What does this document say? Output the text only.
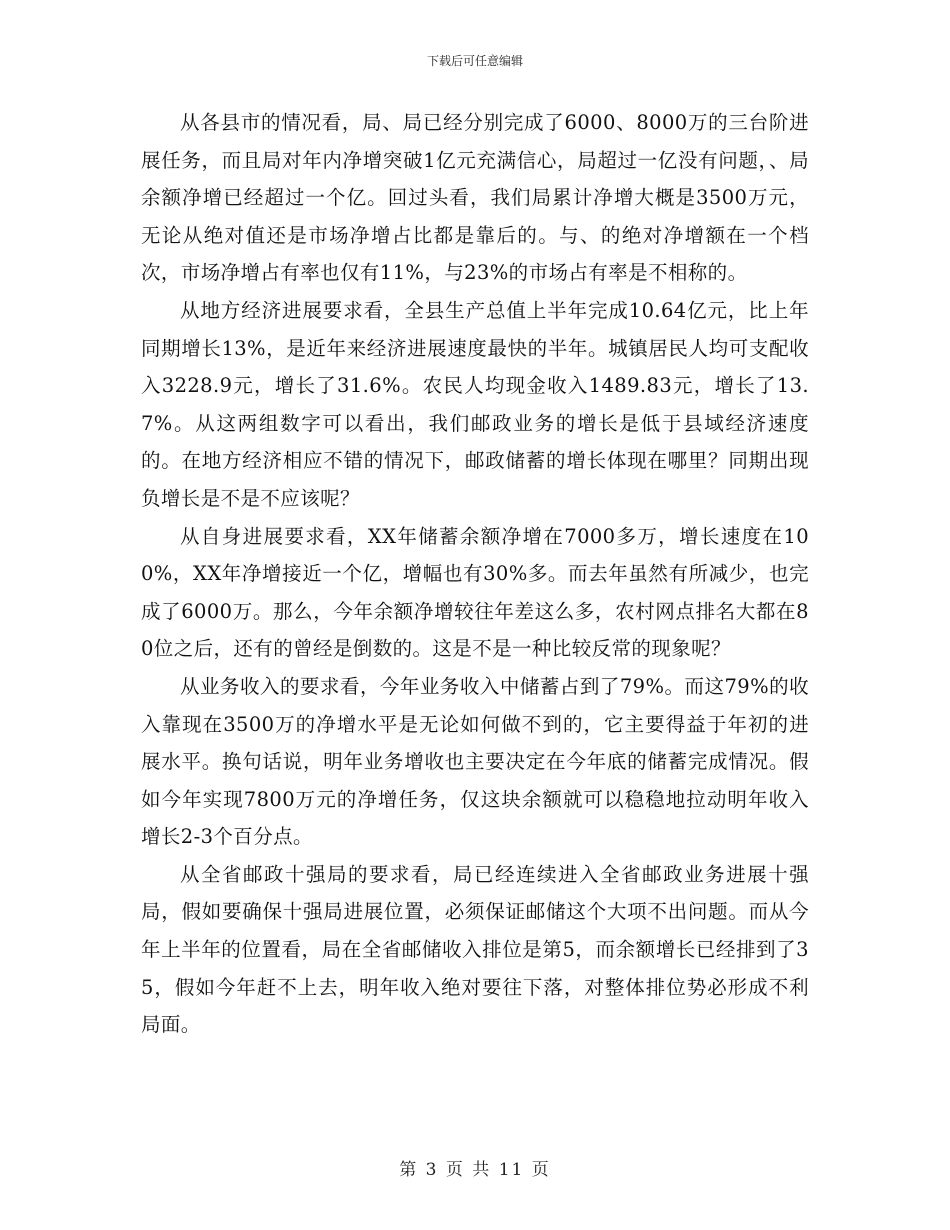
下载后可任意编辑

从各县市的情况看，局、局已经分别完成了6000、8000万的三台阶进展任务，而且局对年内净增突破1亿元充满信心，局超过一亿没有问题，、局余额净增已经超过一个亿。回过头看，我们局累计净增大概是3500万元，无论从绝对值还是市场净增占比都是靠后的。与、的绝对净增额在一个档次，市场净增占有率也仅有11%，与23%的市场占有率是不相称的。

从地方经济进展要求看，全县生产总值上半年完成10.64亿元，比上年同期增长13%，是近年来经济进展速度最快的半年。城镇居民人均可支配收入3228.9元，增长了31.6%。农民人均现金收入1489.83元，增长了13.7%。从这两组数字可以看出，我们邮政业务的增长是低于县域经济速度的。在地方经济相应不错的情况下，邮政储蓄的增长体现在哪里？同期出现负增长是不是不应该呢？

从自身进展要求看，XX年储蓄余额净增在7000多万，增长速度在100%，XX年净增接近一个亿，增幅也有30%多。而去年虽然有所减少，也完成了6000万。那么，今年余额净增较往年差这么多，农村网点排名大都在80位之后，还有的曾经是倒数的。这是不是一种比较反常的现象呢？

从业务收入的要求看，今年业务收入中储蓄占到了79%。而这79%的收入靠现在3500万的净增水平是无论如何做不到的，它主要得益于年初的进展水平。换句话说，明年业务增收也主要决定在今年底的储蓄完成情况。假如今年实现7800万元的净增任务，仅这块余额就可以稳稳地拉动明年收入增长2-3个百分点。

从全省邮政十强局的要求看，局已经连续进入全省邮政业务进展十强局，假如要确保十强局进展位置，必须保证邮储这个大项不出问题。而从今年上半年的位置看，局在全省邮储收入排位是第5，而余额增长已经排到了35，假如今年赶不上去，明年收入绝对要往下落，对整体排位势必形成不利局面。

第 3 页 共 11 页
